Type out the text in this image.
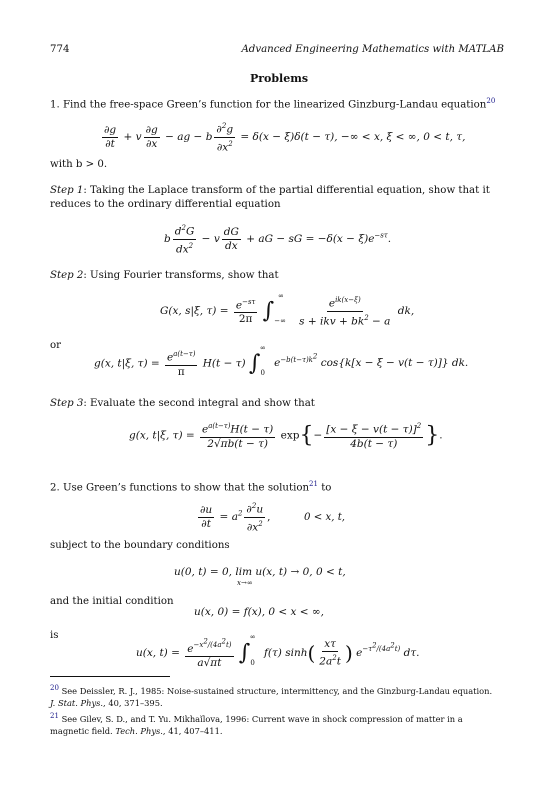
774	Advanced Engineering Mathematics with MATLAB
Problems
1. Find the free-space Green’s function for the linearized Ginzburg-Landau equation$^{20}$
$\frac{\partial g}{\partial t} + v \frac{\partial g}{\partial x}$ − ag − b $\frac{\partial^2g}{\partial x^2} = \delta(x - \xi)\delta(t - \tau)$, −∞ < x, ξ < ∞, 0 < t, τ,
with b > 0.
Step 1: Taking the Laplace transform of the partial differential equation, show that it reduces to the ordinary differential equation
b $\frac{d^2G}{dx^2} - v \frac{dG}{dx}$ + aG − sG = $-\delta(x - \xi)e^{-s\tau}$.
Step 2: Using Fourier transforms, show that
G(x, s|ξ, $\tau) = \frac{e^{-s\tau}}{2\pi} \int_{-\infty}^\infty \frac{e^{ik(x-\xi)}}{s + ikv + bk^2 - a}$ dk,
or
g(x, t|ξ, $\tau) = \frac{e^{a(t-\tau)}}{\pi} H(t - \tau)$ $\int_0^\infty$ $e^{-b(t-\tau)k^2}$ cos{k[x − ξ − v(t − τ)]} dk.
Step 3: Evaluate the second integral and show that
g(x, t|ξ, $\tau) = \frac{e^{a(t-\tau)}H(t - \tau)}{2√\pi b(t - \tau)} \exp\{- \frac{[x - \xi - v(t - \tau)]^2}{4b(t - \tau)}$ }.
2. Use Green’s functions to show that the solution$^{21}$ to
$\frac{\partial u}{\partial t} = a^2 \frac{\partial^2u}{\partial x^2}$ ,	0 < x, t,
subject to the boundary conditions
u(0, t) = 0, lim u(x, t) → 0, 0 < t,
x→∞
and the initial condition
u(x, 0) = f(x), 0 < x < ∞,
is
u(x, $t) = \frac{e^{-x^2/(4a^2t)}}{a√\pi t} \int_0^\infty$ f(τ) $\sinh( \frac{x\tau}{2a^2t}$ ) $e^{-\tau^2/(4a^2t)}$ dτ.
$^{20}$ See Deissler, R. J., 1985: Noise-sustained structure, intermittency, and the Ginzburg-Landau equation.
J. Stat. Phys., 40, 371–395.
$^{21}$ See Gilev, S. D., and T. Yu. Mikhaĭlova, 1996: Current wave in shock compression of matter in a
magnetic field. Tech. Phys., 41, 407–411.
